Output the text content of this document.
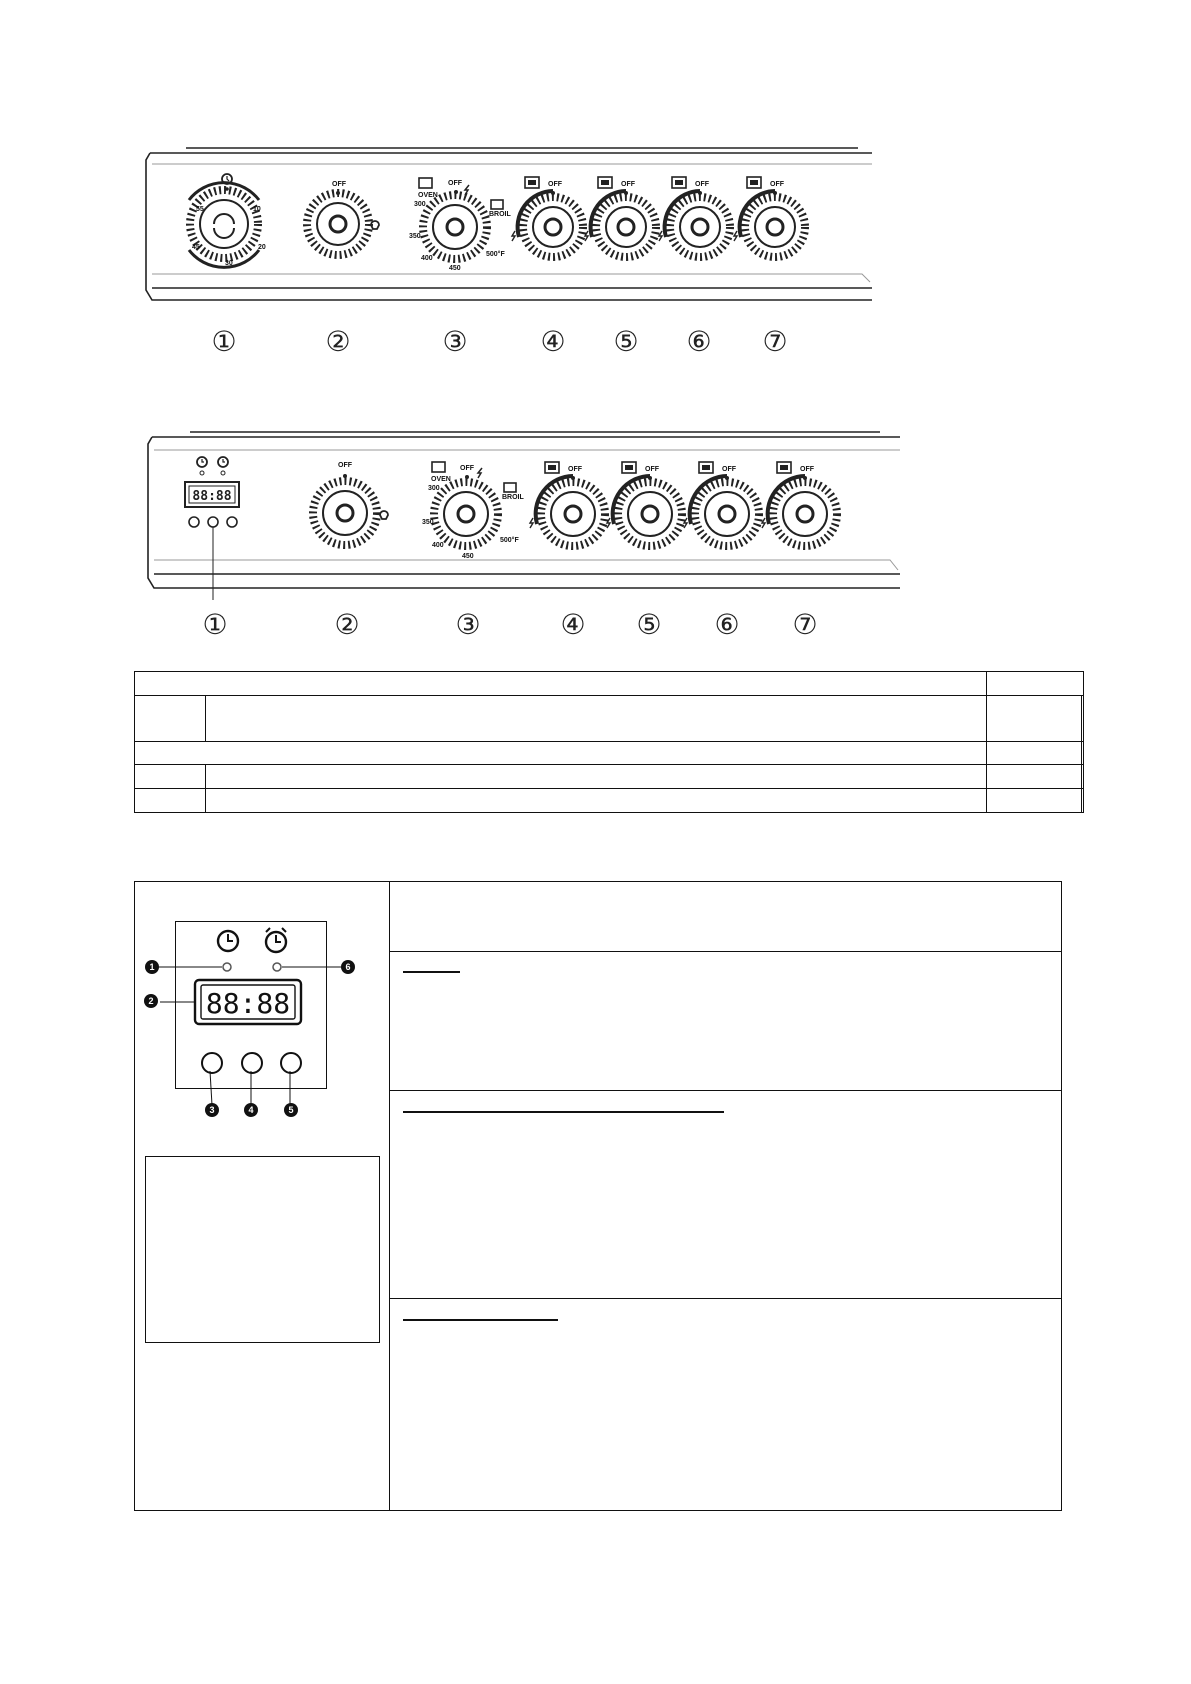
55	10
45	20
30
OFF
OVEN
OFF
BROIL
300
350
400
450
500°F
OFF	OFF	OFF	OFF
①	②	③	④ ⑤ ⑥ ⑦
88:88
OFF
OVEN
OFF
BROIL
300
350
400
450
500°F
OFF	OFF	OFF	OFF
①	②	③	④ ⑤ ⑥ ⑦

88:88
1
2
3	4	5
6
